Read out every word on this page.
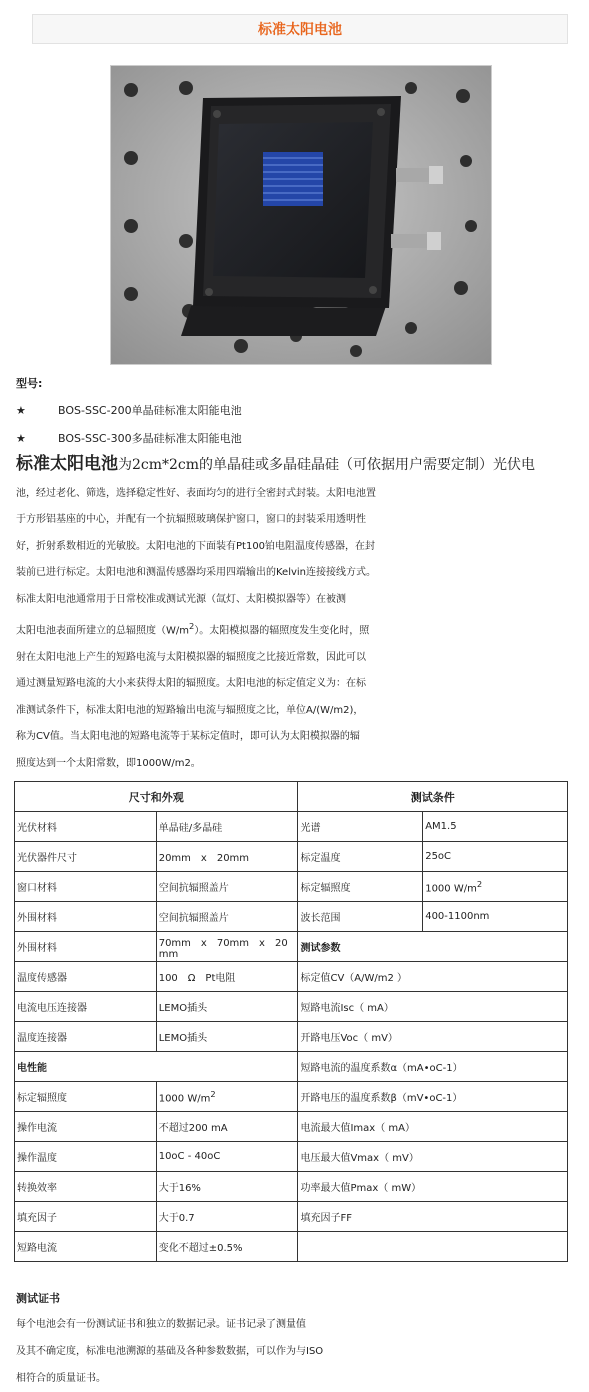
标准太阳电池
型号:
★	BOS-SSC-200单晶硅标准太阳能电池
★	BOS-SSC-300多晶硅标准太阳能电池
标准太阳电池为2cm*2cm的单晶硅或多晶硅晶硅（可依据用户需要定制）光伏电
池，经过老化、筛选，选择稳定性好、表面均匀的进行全密封式封装。太阳电池置
于方形铝基座的中心，并配有一个抗辐照玻璃保护窗口，窗口的封装采用透明性
好，折射系数相近的光敏胶。太阳电池的下面装有Pt100铂电阻温度传感器，在封
装前已进行标定。太阳电池和测温传感器均采用四端输出的Kelvin连接接线方式。
标准太阳电池通常用于日常校准或测试光源（氙灯、太阳模拟器等）在被测
太阳电池表面所建立的总辐照度$(W/m^2)$。太阳模拟器的辐照度发生变化时，照
射在太阳电池上产生的短路电流与太阳模拟器的辐照度之比接近常数，因此可以
通过测量短路电流的大小来获得太阳的辐照度。太阳电池的标定值定义为：在标
准测试条件下，标准太阳电池的短路输出电流与辐照度之比，单位A/(W/m2)，
称为CV值。当太阳电池的短路电流等于某标定值时，即可认为太阳模拟器的辐
照度达到一个太阳常数，即1000W/m2。
尺寸和外观		测试条件	
光伏材料	单晶硅/多晶硅	光谱	AM1.5
光伏器件尺寸	20mm　x　20mm	标定温度	25oC
窗口材料	空间抗辐照盖片	标定辐照度	1000 $W/m^2$
外围材料	空间抗辐照盖片	波长范围	400-1100nm
外围材料	70mm　x　70mm　x　20 mm	测试参数	
温度传感器	100　Ω　Pt电阻	标定值CV（A/W/m2 ）	
电流电压连接器	LEMO插头	短路电流Isc（ mA）	
温度连接器	LEMO插头	开路电压Voc（ mV）	
电性能		短路电流的温度系数α（mA•oC-1）	
标定辐照度	1000 $W/m^2$	开路电压的温度系数β（mV•oC-1）	
操作电流	不超过200 mA	电流最大值Imax（ mA）	
操作温度	10oC - 40oC	电压最大值Vmax（ mV）	
转换效率	大于16%	功率最大值Pmax（ mW）	
填充因子	大于0.7	填充因子FF	
短路电流	变化不超过±0.5%		
测试证书
每个电池会有一份测试证书和独立的数据记录。证书记录了测量值
及其不确定度，标准电池溯源的基础及各种参数数据，可以作为与ISO
相符合的质量证书。
